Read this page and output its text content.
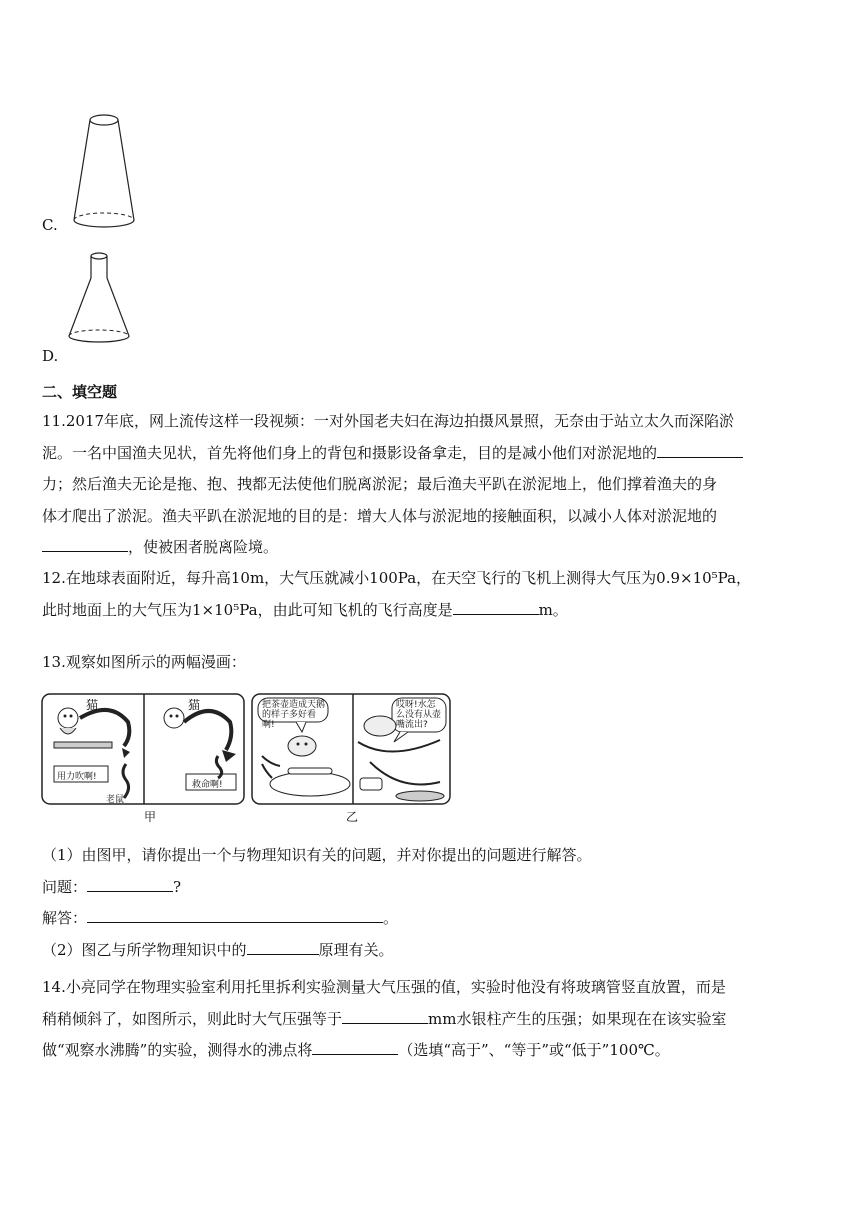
C.
D.
二、填空题
11.2017年底，网上流传这样一段视频：一对外国老夫妇在海边拍摄风景照，无奈由于站立太久而深陷淤
泥。一名中国渔夫见状，首先将他们身上的背包和摄影设备拿走，目的是减小他们对淤泥地的
力；然后渔夫无论是拖、抱、拽都无法使他们脱离淤泥；最后渔夫平趴在淤泥地上，他们撑着渔夫的身
体才爬出了淤泥。渔夫平趴在淤泥地的目的是：增大人体与淤泥地的接触面积，以减小人体对淤泥地的
，使被困者脱离险境。
12.在地球表面附近，每升高10m，大气压就减小100Pa，在天空飞行的飞机上测得大气压为0.9×10⁵Pa，
此时地面上的大气压为1×10⁵Pa，由此可知飞机的飞行高度是	m。
13.观察如图所示的两幅漫画：
猫	猫
用力吹啊!
救命啊!
老鼠
把茶壶造成天鹅的样子多好看啊!
哎呀!水怎么没有从壶嘴流出?
甲	乙
（1）由图甲，请你提出一个与物理知识有关的问题，并对你提出的问题进行解答。
问题：	?
解答：	。
（2）图乙与所学物理知识中的	原理有关。
14.小亮同学在物理实验室利用托里拆利实验测量大气压强的值，实验时他没有将玻璃管竖直放置，而是
稍稍倾斜了，如图所示，则此时大气压强等于	mm水银柱产生的压强；如果现在在该实验室
做“观察水沸腾”的实验，测得水的沸点将	（选填“高于”、“等于”或“低于”100℃。
